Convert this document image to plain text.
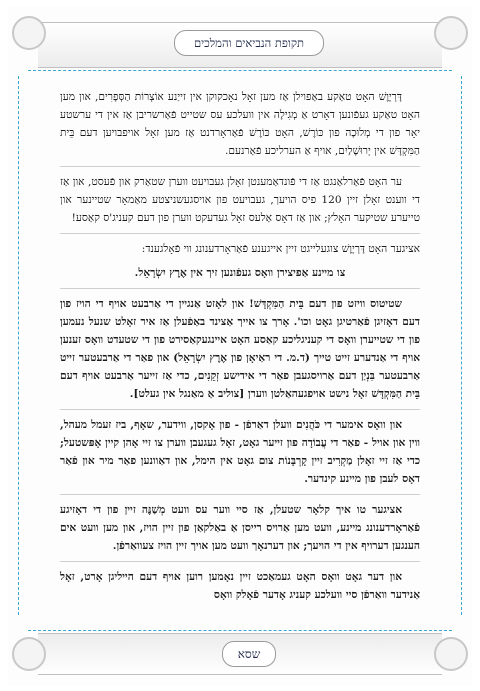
תקופת הנביאים והמלכים

דָּרְיָוֶשׁ האָט טאַקע באַפוילן אַז מען זאָל נאָכקוקן אין זייַנע אוֹצְרוֹת הַסְּפָרִים, און מען האָט טאַקע געפֿונען דאָרט אַ מְגִילָה אין וועלכע עס שטייט פֿאַרשריבן אַז אין די ערשטע יאָר פון די מְלוּכָה פון כּוֹרֶשׁ, האָט כּוֹרֶשׁ פֿאַראָרדנט אַז מען זאָל אויפבויען דעם בֵּית הַמִּקְדָּשׁ אין יְרוּשָׁלַיִם, אויף אַ הערליכע פֿאַרנעם.

ער האָט פֿאַרלאַנגט אַז די פֿונדאַמענטן זאָלן געבויעט ווערן שטאַרק און פֿעסט, און אַז די ווענט זאָלן זיין 120 פיס הויעך, געבויעט פון אויסגעשניצטע מאַמאָר שטיינער און טייערע שטיקער האָלץ; און אַז דאָס אַלעס זאָל געדעקט ווערן פון דעם קעניג'ס קאַסע!

אציגער האָט דָּרְיָוֶשׁ צוגעלייגט זיין אייגענע פֿאַראָרדענונג ווי פֿאָלגענד:

צו מיינע אַפיצירן וואָס געפֿונען זיך אין אֶרֶץ יִשְׂרָאֵל.

שטיטוס וויזט פון דעם בֵּית הַמִּקְדָּשׁ! און לאָזט אַנגיין די אַרבעט אויף די הויז פון דעם דאָזיגן פֿאַרטיגן גאָט וכו'. אָרך צו אייך אַצינד באַפֿעלן אַז איר זאָלט שנעל נעמען פון די שטייערן וואָס די קעניגליכע קאַסע האָט איינגעקאַסירט פון די שטעדט וואָס זענען אויף די אַנדערע זייט טייך (ד.מ. די ראַיאָן פון אֶרֶץ יִשְׂרָאֵל) און פאַר די אַרבעטער זייט אַרבעטער בִּנְיַן דעם אַרויסגעבן פאַר די אידישע זְקֵנִים, כדי אַז זייער אַרבעט אויף דעם בֵּית הַמִּקְדָּשׁ זאָל נישט אויפגעהאַלטן ווערן [צוליב אַ מאַנגל אין געלט].

און וואָס אימער די כֹּהֲנִים וועלן דאַרפֿן - פון אָקסן, ווידער, שאָף, ביז זעמל מעהל, ווין און אויל - פאַר די עֲבוֹדָה פון זייער גאָט, זאָל געגעבן ווערן צו זיי אָהן קיין אָפּשטעל; כדי אַז זיי זאָלן מַקְרִיב זיין קָרְבָּנוֹת צום גאָט אין הימל, און דאַוונען פאַר מיר און פֿאַר דאָס לעבן פון מיינע קינדער.

אציגער טו איך קלאָר שטעלן, אַז סיי ווער עס וועט מְשַׁנֶּה זיין פון די דאָזיגע פֿאַראָרדענונג מיינע, וועט מען אַרויס רייסן אַ באַלקאַן פון זיין הויז, און מען וועט אים הענגען דערויף אין די הויעך; און דערנאָך וועט מען אויך זיין הויז צעוואַרפֿן.

און דער גאָט וואָס האָט געמאַכט זיין נאָמען רוען אויף דעם הייליגן אָרט, זאָל אַנידער וואַרפֿן סיי וועלכע קעניג אָדער פֿאָלק וואָס

שסא
